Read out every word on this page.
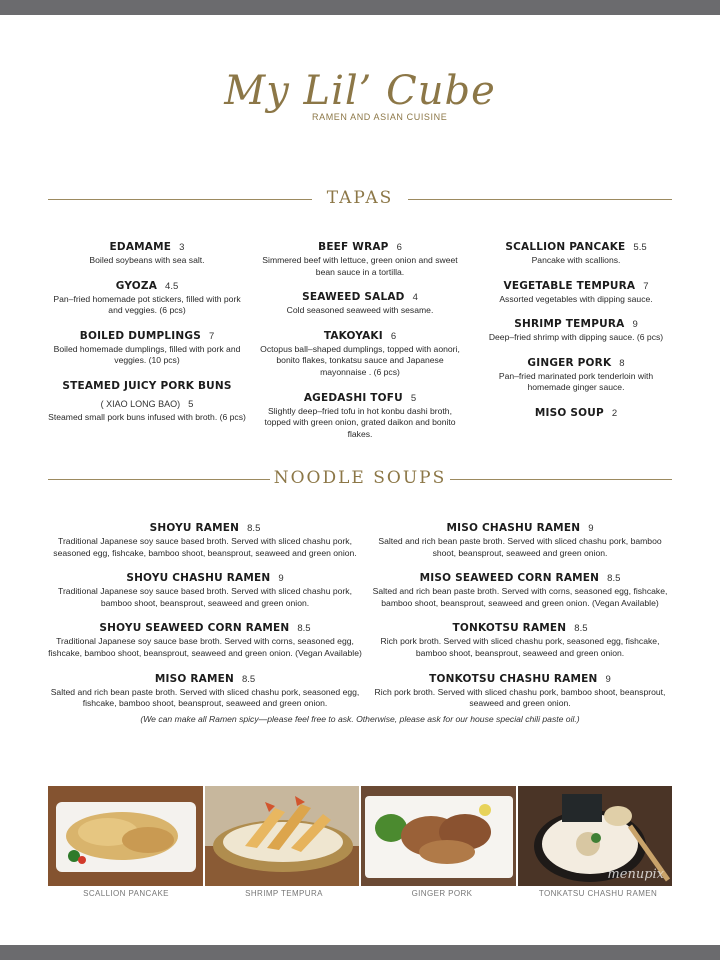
My Lil’ Cube
RAMEN AND ASIAN CUISINE
TAPAS
EDAMAME 3
Boiled soybeans with sea salt.
GYOZA 4.5
Pan–fried homemade pot stickers, filled with pork and veggies. (6 pcs)
BOILED DUMPLINGS 7
Boiled homemade dumplings, filled with pork and veggies. (10 pcs)
STEAMED JUICY PORK BUNS
( XIAO LONG BAO) 5
Steamed small pork buns infused with broth. (6 pcs)
BEEF WRAP 6
Simmered beef with lettuce, green onion and sweet bean sauce in a tortilla.
SEAWEED SALAD 4
Cold seasoned seaweed with sesame.
TAKOYAKI 6
Octopus ball–shaped dumplings, topped with aonori, bonito flakes, tonkatsu sauce and Japanese mayonnaise . (6 pcs)
AGEDASHI TOFU 5
Slightly deep–fried tofu in hot konbu dashi broth, topped with green onion, grated daikon and bonito flakes.
SCALLION PANCAKE 5.5
Pancake with scallions.
VEGETABLE TEMPURA 7
Assorted vegetables with dipping sauce.
SHRIMP TEMPURA 9
Deep–fried shrimp with dipping sauce. (6 pcs)
GINGER PORK 8
Pan–fried marinated pork tenderloin with homemade ginger sauce.
MISO SOUP 2
NOODLE SOUPS
SHOYU RAMEN 8.5
Traditional Japanese soy sauce based broth. Served with sliced chashu pork, seasoned egg, fishcake, bamboo shoot, beansprout, seaweed and green onion.
SHOYU CHASHU RAMEN 9
Traditional Japanese soy sauce based broth. Served with sliced chashu pork, bamboo shoot, beansprout, seaweed and green onion.
SHOYU SEAWEED CORN RAMEN 8.5
Traditional Japanese soy sauce base broth. Served with corns, seasoned egg, fishcake, bamboo shoot, beansprout, seaweed and green onion. (Vegan Available)
MISO RAMEN 8.5
Salted and rich bean paste broth. Served with sliced chashu pork, seasoned egg, fishcake, bamboo shoot, beansprout, seaweed and green onion.
MISO CHASHU RAMEN 9
Salted and rich bean paste broth. Served with sliced chashu pork, bamboo shoot, beansprout, seaweed and green onion.
MISO SEAWEED CORN RAMEN 8.5
Salted and rich bean paste broth. Served with corns, seasoned egg, fishcake, bamboo shoot, beansprout, seaweed and green onion. (Vegan Available)
TONKOTSU RAMEN 8.5
Rich pork broth. Served with sliced chashu pork, seasoned egg, fishcake, bamboo shoot, beansprout, seaweed and green onion.
TONKOTSU CHASHU RAMEN 9
Rich pork broth. Served with sliced chashu pork, bamboo shoot, beansprout, seaweed and green onion.
(We can make all Ramen spicy—please feel free to ask. Otherwise, please ask for our house special chili paste oil.)
menupix
SCALLION PANCAKE	SHRIMP TEMPURA	GINGER PORK	TONKATSU CHASHU RAMEN
